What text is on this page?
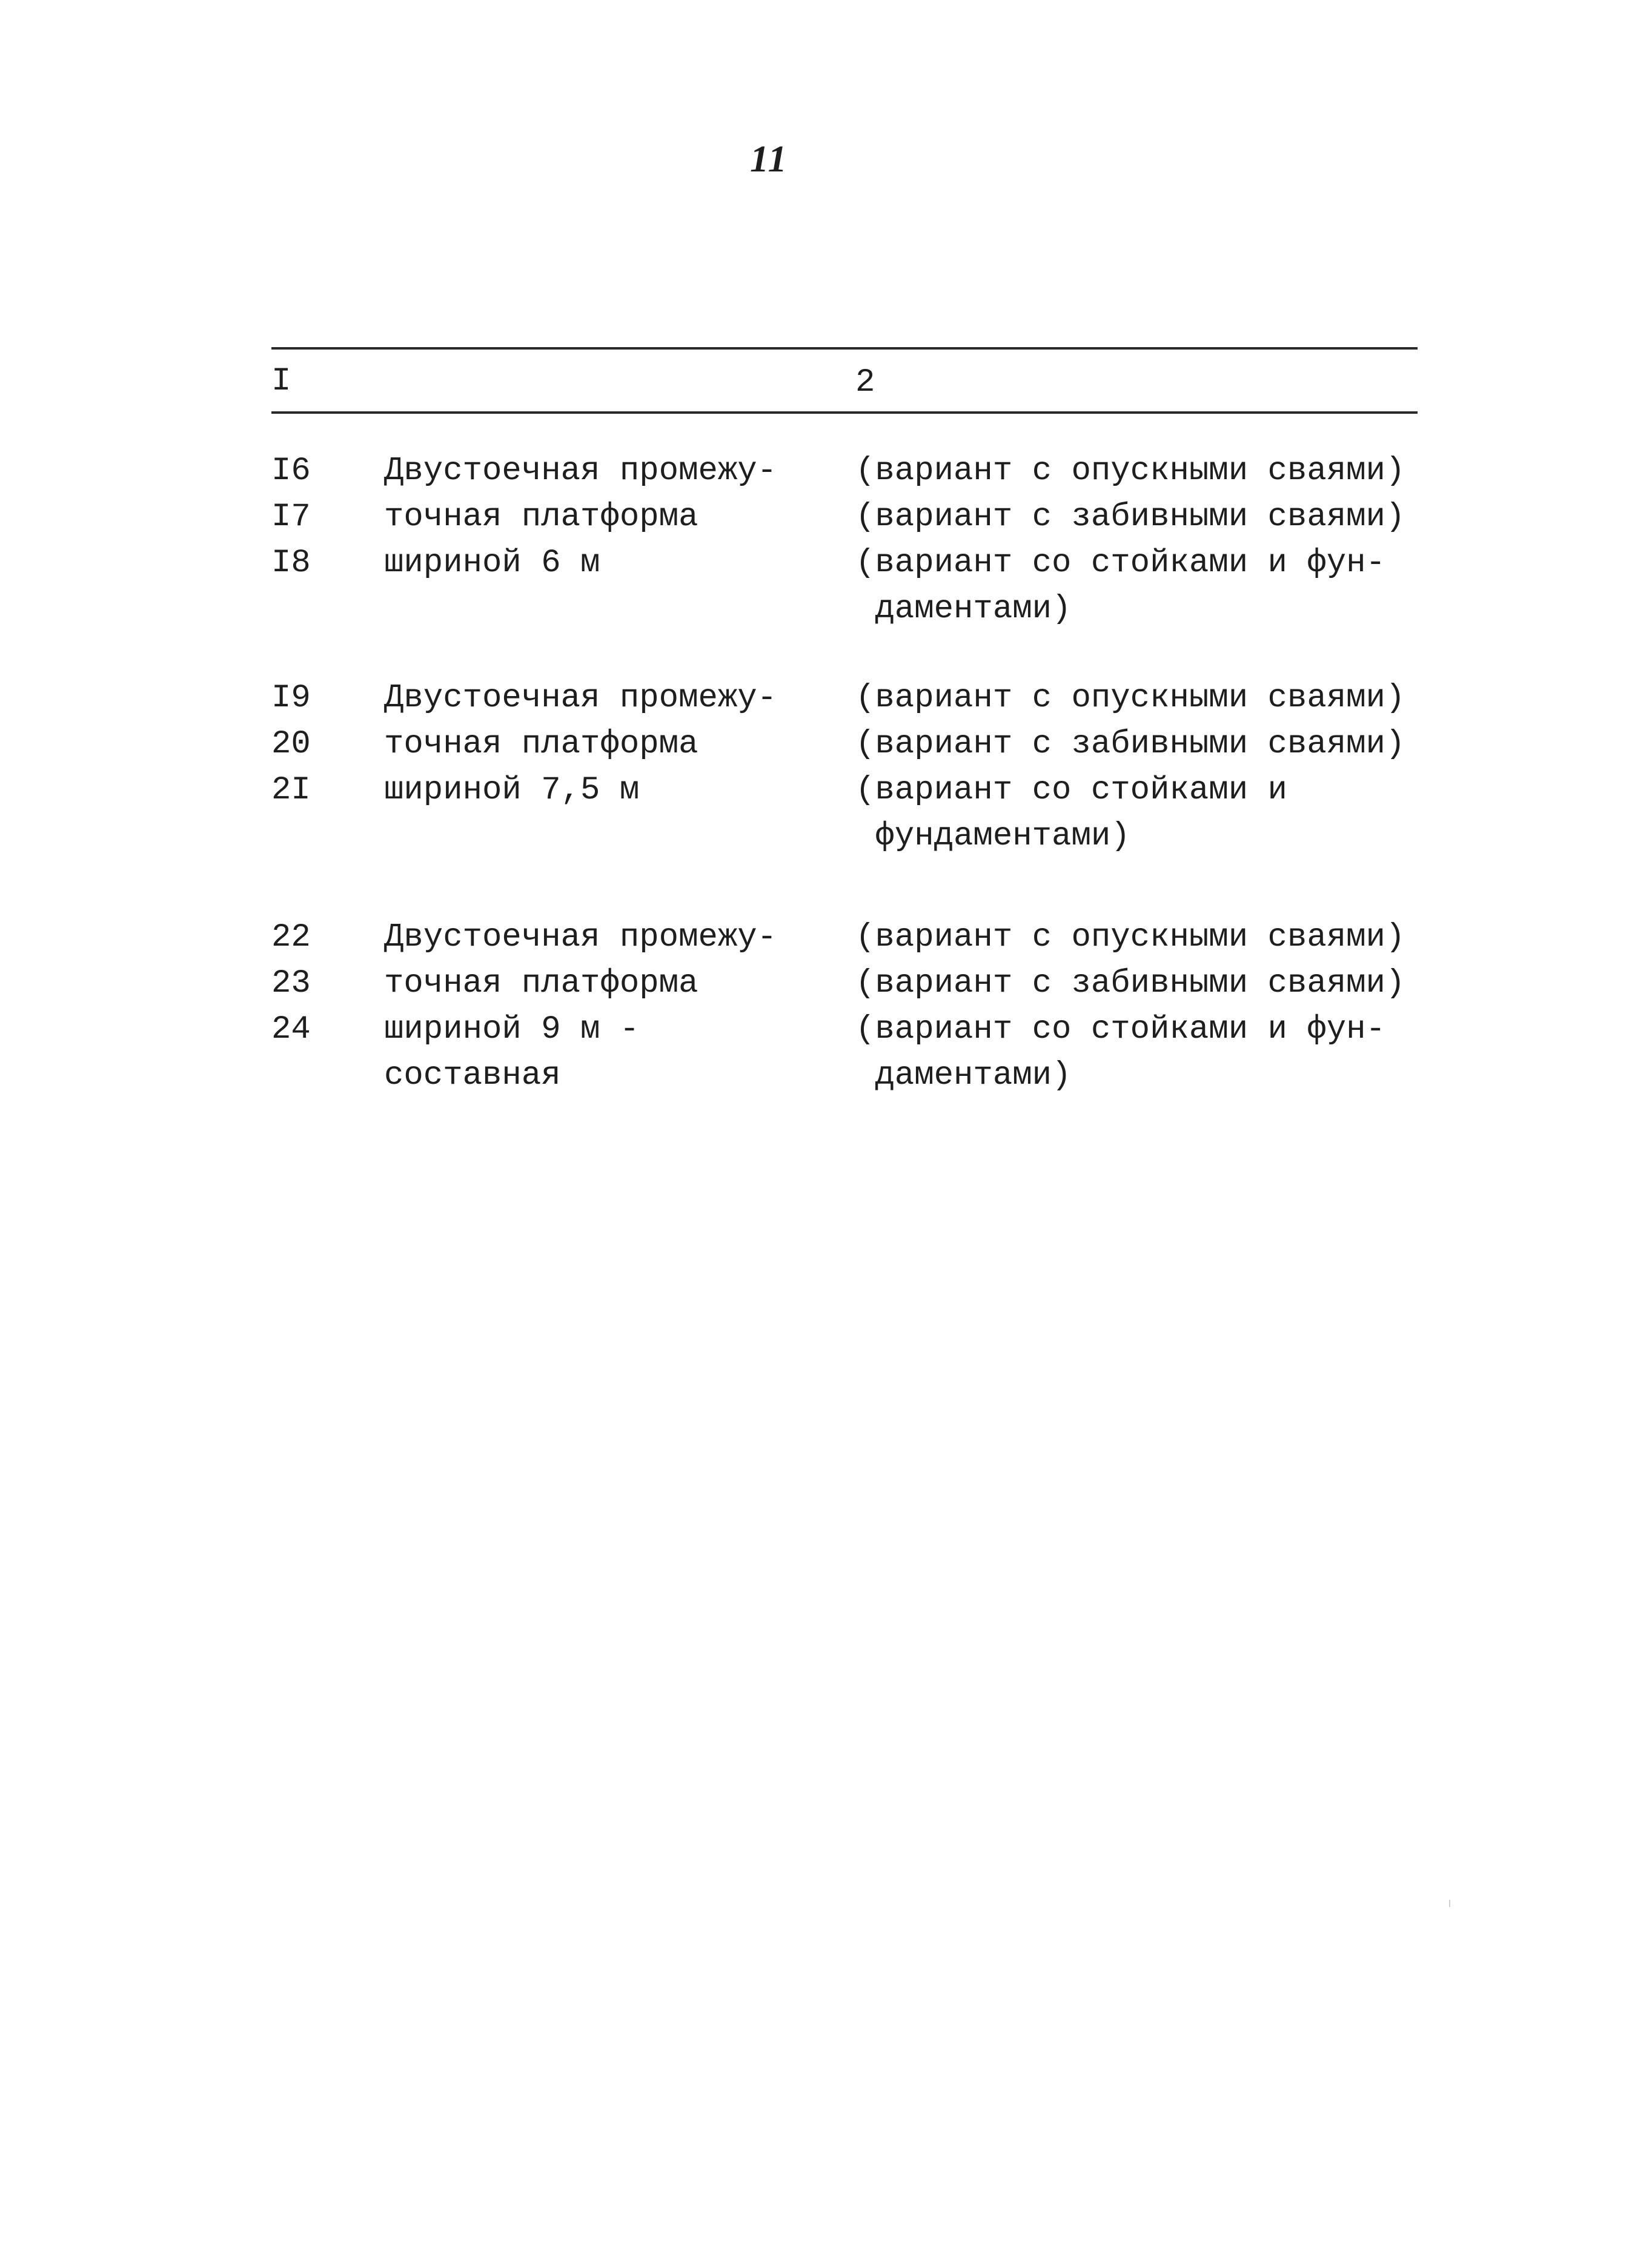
11
I	2
I6
I7
I8
Двустоечная промежу-
точная платформа
шириной 6 м
(вариант с опускными сваями)
(вариант с забивными сваями)
(вариант со стойками и фун-
даментами)
I9
20
2I
Двустоечная промежу-
точная платформа
шириной 7,5 м
(вариант с опускными сваями)
(вариант с забивными сваями)
(вариант со стойками и
фундаментами)
22
23
24
Двустоечная промежу-
точная платформа
шириной 9 м -
составная
(вариант с опускными сваями)
(вариант с забивными сваями)
(вариант со стойками и фун-
даментами)
